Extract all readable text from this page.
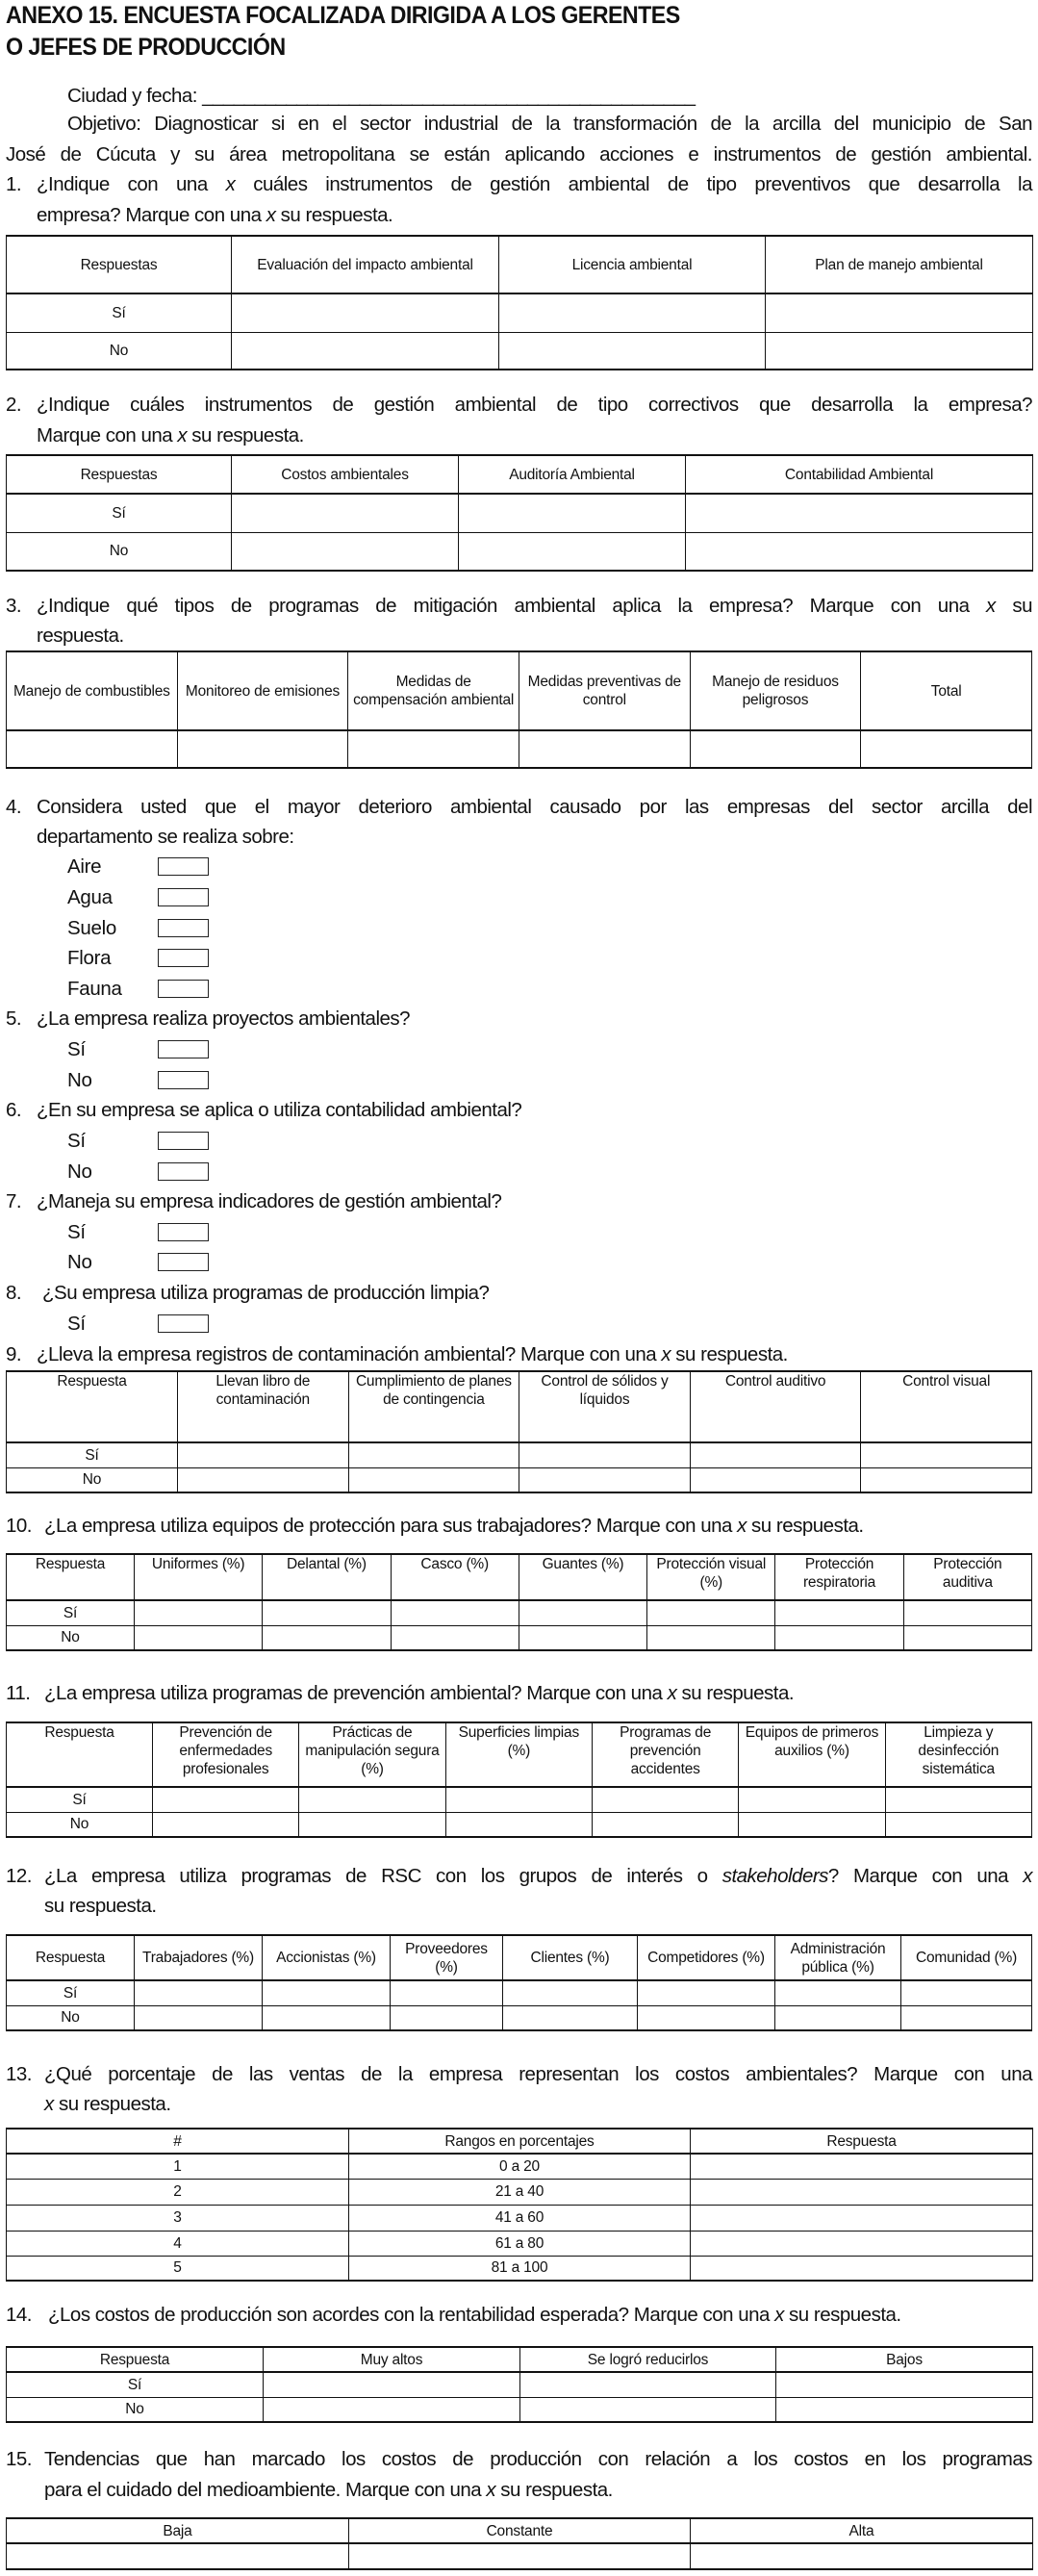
ANEXO 15. ENCUESTA FOCALIZADA DIRIGIDA A LOS GERENTES
O JEFES DE PRODUCCIÓN
Ciudad y fecha: _______________________________________________
Objetivo: Diagnosticar si en el sector industrial de la transformación de la arcilla del municipio de San
José de Cúcuta y su área metropolitana se están aplicando acciones e instrumentos de gestión ambiental.
1. ¿Indique con una x cuáles instrumentos de gestión ambiental de tipo preventivos que desarrolla la
empresa? Marque con una x su respuesta.
Respuestas	Evaluación del impacto ambiental	Licencia ambiental	Plan de manejo ambiental
Sí			
No			
2. ¿Indique cuáles instrumentos de gestión ambiental de tipo correctivos que desarrolla la empresa?
Marque con una x su respuesta.
Respuestas	Costos ambientales	Auditoría Ambiental	Contabilidad Ambiental
Sí			
No			
3. ¿Indique qué tipos de programas de mitigación ambiental aplica la empresa? Marque con una x su
respuesta.
Manejo de combustibles	Monitoreo de emisiones	Medidas de compensación ambiental	Medidas preventivas de control	Manejo de residuos peligrosos	Total

4. Considera usted que el mayor deterioro ambiental causado por las empresas del sector arcilla del
departamento se realiza sobre:
Aire
Agua
Suelo
Flora
Fauna
5. ¿La empresa realiza proyectos ambientales?
Sí
No
6. ¿En su empresa se aplica o utiliza contabilidad ambiental?
Sí
No
7. ¿Maneja su empresa indicadores de gestión ambiental?
Sí
No
8. ¿Su empresa utiliza programas de producción limpia?
Sí
9. ¿Lleva la empresa registros de contaminación ambiental? Marque con una x su respuesta.
Respuesta	Llevan libro de contaminación	Cumplimiento de planes de contingencia	Control de sólidos y líquidos	Control auditivo	Control visual
Sí					
No					
10. ¿La empresa utiliza equipos de protección para sus trabajadores? Marque con una x su respuesta.
Respuesta	Uniformes (%)	Delantal (%)	Casco (%)	Guantes (%)	Protección visual (%)	Protección respiratoria	Protección auditiva
Sí							
No							
11. ¿La empresa utiliza programas de prevención ambiental? Marque con una x su respuesta.
Respuesta	Prevención de enfermedades profesionales	Prácticas de manipulación segura (%)	Superficies limpias (%)	Programas de prevención accidentes	Equipos de primeros auxilios (%)	Limpieza y desinfección sistemática
Sí						
No						
12. ¿La empresa utiliza programas de RSC con los grupos de interés o stakeholders? Marque con una x
su respuesta.
Respuesta	Trabajadores (%)	Accionistas (%)	Proveedores (%)	Clientes (%)	Competidores (%)	Administración pública (%)	Comunidad (%)
Sí							
No							
13. ¿Qué porcentaje de las ventas de la empresa representan los costos ambientales? Marque con una
x su respuesta.
#	Rangos en porcentajes	Respuesta
1	0 a 20	
2	21 a 40	
3	41 a 60	
4	61 a 80	
5	81 a 100	
14. ¿Los costos de producción son acordes con la rentabilidad esperada? Marque con una x su respuesta.
Respuesta	Muy altos	Se logró reducirlos	Bajos
Sí			
No			
15. Tendencias que han marcado los costos de producción con relación a los costos en los programas
para el cuidado del medioambiente. Marque con una x su respuesta.
Baja	Constante	Alta
